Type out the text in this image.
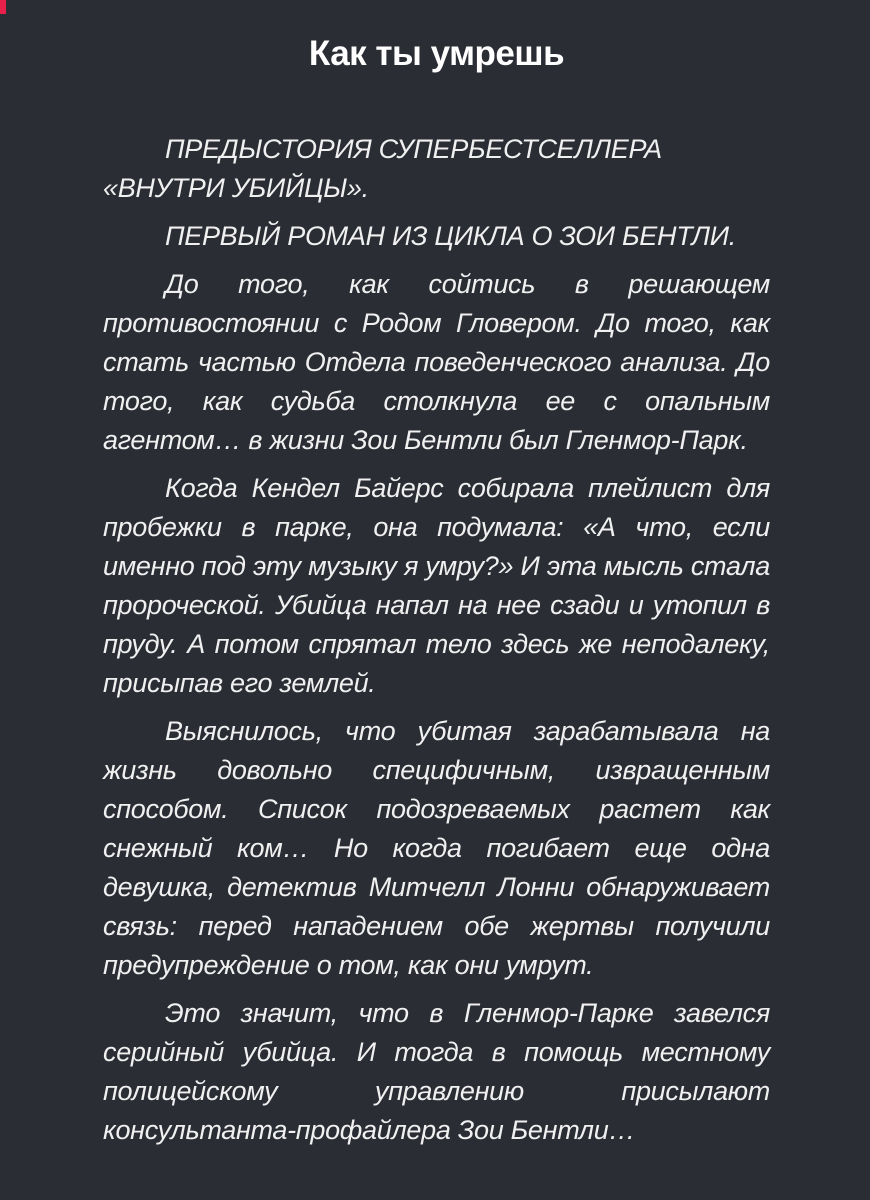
Как ты умрешь

ПРЕДЫСТОРИЯ СУПЕРБЕСТСЕЛЛЕРА «ВНУТРИ УБИЙЦЫ».

ПЕРВЫЙ РОМАН ИЗ ЦИКЛА О ЗОИ БЕНТЛИ.

До того, как сойтись в решающем противостоянии с Родом Гловером. До того, как стать частью Отдела поведенческого анализа. До того, как судьба столкнула ее с опальным агентом… в жизни Зои Бентли был Гленмор-Парк.

Когда Кендел Байерс собирала плейлист для пробежки в парке, она подумала: «А что, если именно под эту музыку я умру?» И эта мысль стала пророческой. Убийца напал на нее сзади и утопил в пруду. А потом спрятал тело здесь же неподалеку, присыпав его землей.

Выяснилось, что убитая зарабатывала на жизнь довольно специфичным, извращенным способом. Список подозреваемых растет как снежный ком… Но когда погибает еще одна девушка, детектив Митчелл Лонни обнаруживает связь: перед нападением обе жертвы получили предупреждение о том, как они умрут.

Это значит, что в Гленмор-Парке завелся серийный убийца. И тогда в помощь местному полицейскому управлению присылают консультанта-профайлера Зои Бентли…
